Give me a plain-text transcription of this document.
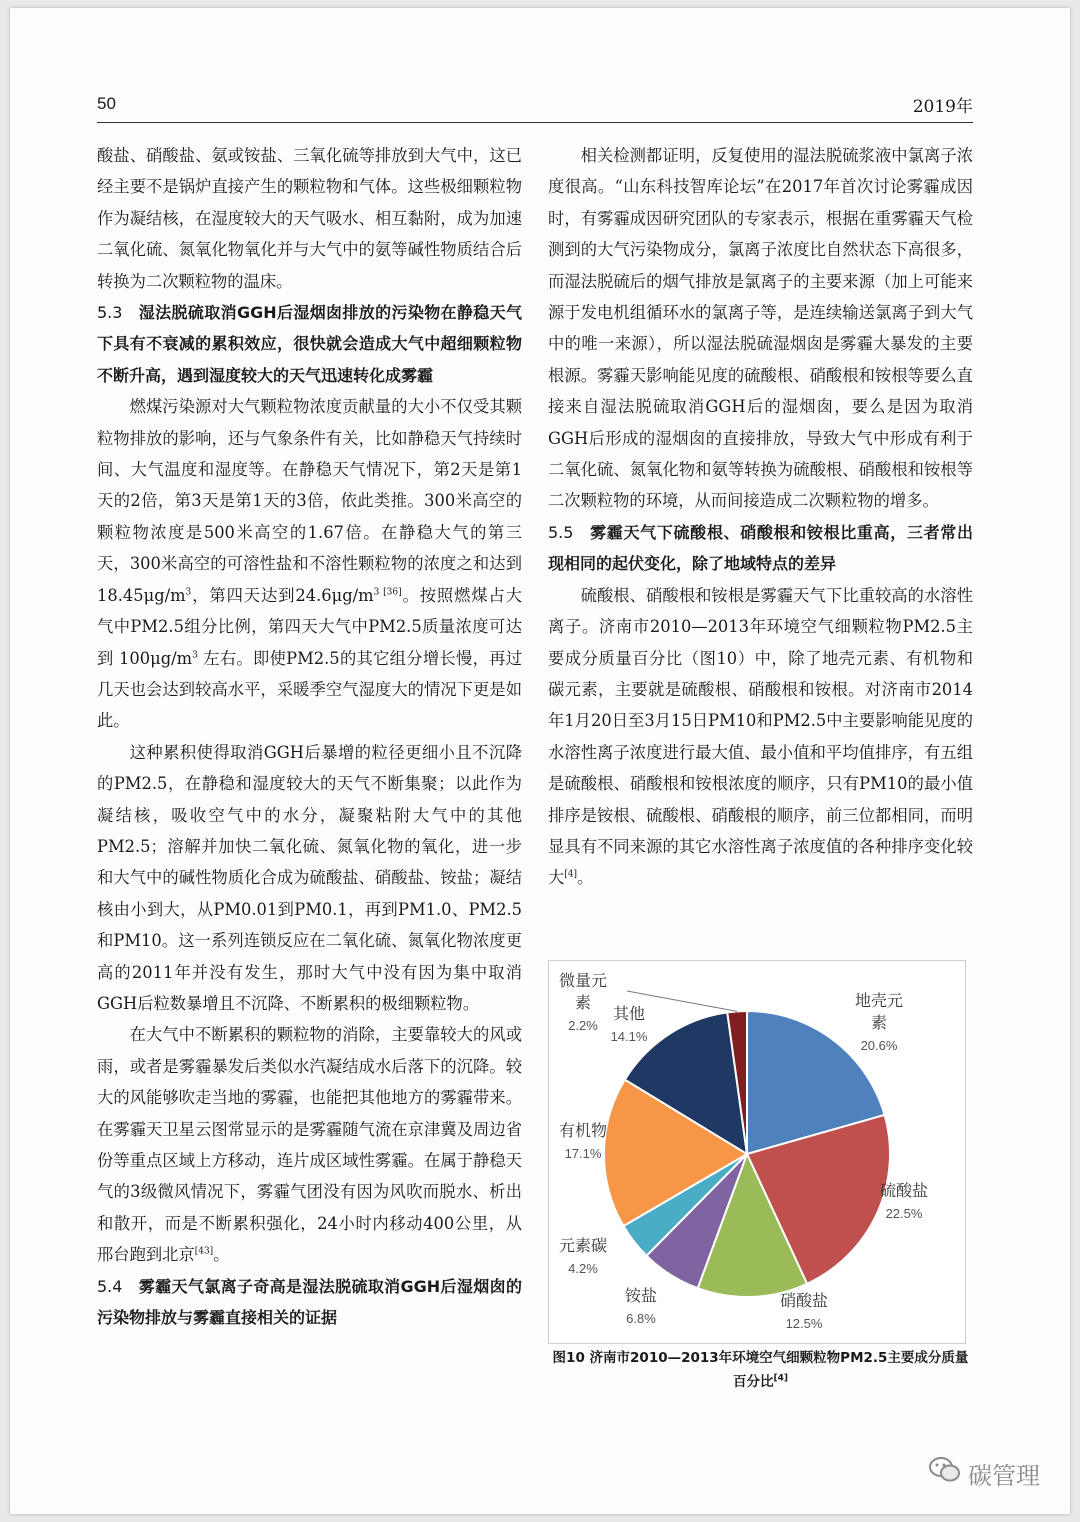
50	2019年

酸盐、硝酸盐、氨或铵盐、三氧化硫等排放到大气中，这已经主要不是锅炉直接产生的颗粒物和气体。这些极细颗粒物作为凝结核，在湿度较大的天气吸水、相互黏附，成为加速二氧化硫、氮氧化物氧化并与大气中的氨等碱性物质结合后转换为二次颗粒物的温床。

5.3 湿法脱硫取消GGH后湿烟囱排放的污染物在静稳天气下具有不衰减的累积效应，很快就会造成大气中超细颗粒物不断升高，遇到湿度较大的天气迅速转化成雾霾

燃煤污染源对大气颗粒物浓度贡献量的大小不仅受其颗粒物排放的影响，还与气象条件有关，比如静稳天气持续时间、大气温度和湿度等。在静稳天气情况下，第2天是第1天的2倍，第3天是第1天的3倍，依此类推。300米高空的颗粒物浓度是500米高空的1.67倍。在静稳大气的第三天，300米高空的可溶性盐和不溶性颗粒物的浓度之和达到 $18.45\mu g/m^3$，第四天达到$24.6\mu g/m^{3 [36]}$。按照燃煤占大气中PM2.5组分比例，第四天大气中PM2.5质量浓度可达到 $100\mu g/m^3$ 左右。即使PM2.5的其它组分增长慢，再过几天也会达到较高水平，采暖季空气湿度大的情况下更是如此。

这种累积使得取消GGH后暴增的粒径更细小且不沉降的PM2.5，在静稳和湿度较大的天气不断集聚；以此作为凝结核，吸收空气中的水分，凝聚粘附大气中的其他PM2.5；溶解并加快二氧化硫、氮氧化物的氧化，进一步和大气中的碱性物质化合成为硫酸盐、硝酸盐、铵盐；凝结核由小到大，从PM0.01到PM0.1，再到PM1.0、PM2.5和PM10。这一系列连锁反应在二氧化硫、氮氧化物浓度更高的2011年并没有发生，那时大气中没有因为集中取消GGH后粒数暴增且不沉降、不断累积的极细颗粒物。

在大气中不断累积的颗粒物的消除，主要靠较大的风或雨，或者是雾霾暴发后类似水汽凝结成水后落下的沉降。较大的风能够吹走当地的雾霾，也能把其他地方的雾霾带来。在雾霾天卫星云图常显示的是雾霾随气流在京津冀及周边省份等重点区域上方移动，连片成区域性雾霾。在属于静稳天气的3级微风情况下，雾霾气团没有因为风吹而脱水、析出和散开，而是不断累积强化，24小时内移动400公里，从邢台跑到北京[43]。

5.4 雾霾天气氯离子奇高是湿法脱硫取消GGH后湿烟囱的污染物排放与雾霾直接相关的证据

相关检测都证明，反复使用的湿法脱硫浆液中氯离子浓度很高。“山东科技智库论坛”在2017年首次讨论雾霾成因时，有雾霾成因研究团队的专家表示，根据在重雾霾天气检测到的大气污染物成分，氯离子浓度比自然状态下高很多，而湿法脱硫后的烟气排放是氯离子的主要来源（加上可能来源于发电机组循环水的氯离子等，是连续输送氯离子到大气中的唯一来源），所以湿法脱硫湿烟囱是雾霾大暴发的主要根源。雾霾天影响能见度的硫酸根、硝酸根和铵根等要么直接来自湿法脱硫取消GGH后的湿烟囱，要么是因为取消GGH后形成的湿烟囱的直接排放，导致大气中形成有利于二氧化硫、氮氧化物和氨等转换为硫酸根、硝酸根和铵根等二次颗粒物的环境，从而间接造成二次颗粒物的增多。

5.5 雾霾天气下硫酸根、硝酸根和铵根比重高，三者常出现相同的起伏变化，除了地域特点的差异

硫酸根、硝酸根和铵根是雾霾天气下比重较高的水溶性离子。济南市2010—2013年环境空气细颗粒物PM2.5主要成分质量百分比（图10）中，除了地壳元素、有机物和碳元素，主要就是硫酸根、硝酸根和铵根。对济南市2014年1月20日至3月15日PM10和PM2.5中主要影响能见度的水溶性离子浓度进行最大值、最小值和平均值排序，有五组是硫酸根、硝酸根和铵根浓度的顺序，只有PM10的最小值排序是铵根、硫酸根、硝酸根的顺序，前三位都相同，而明显具有不同来源的其它水溶性离子浓度值的各种排序变化较大[4]。

地壳元
素
20.6%
硫酸盐
22.5%
硝酸盐
12.5%
铵盐
6.8%
元素碳
4.2%
有机物
17.1%
其他
14.1%
微量元
素
2.2%
图10 济南市2010—2013年环境空气细颗粒物PM2.5主要成分质量百分比[4]
碳管理
